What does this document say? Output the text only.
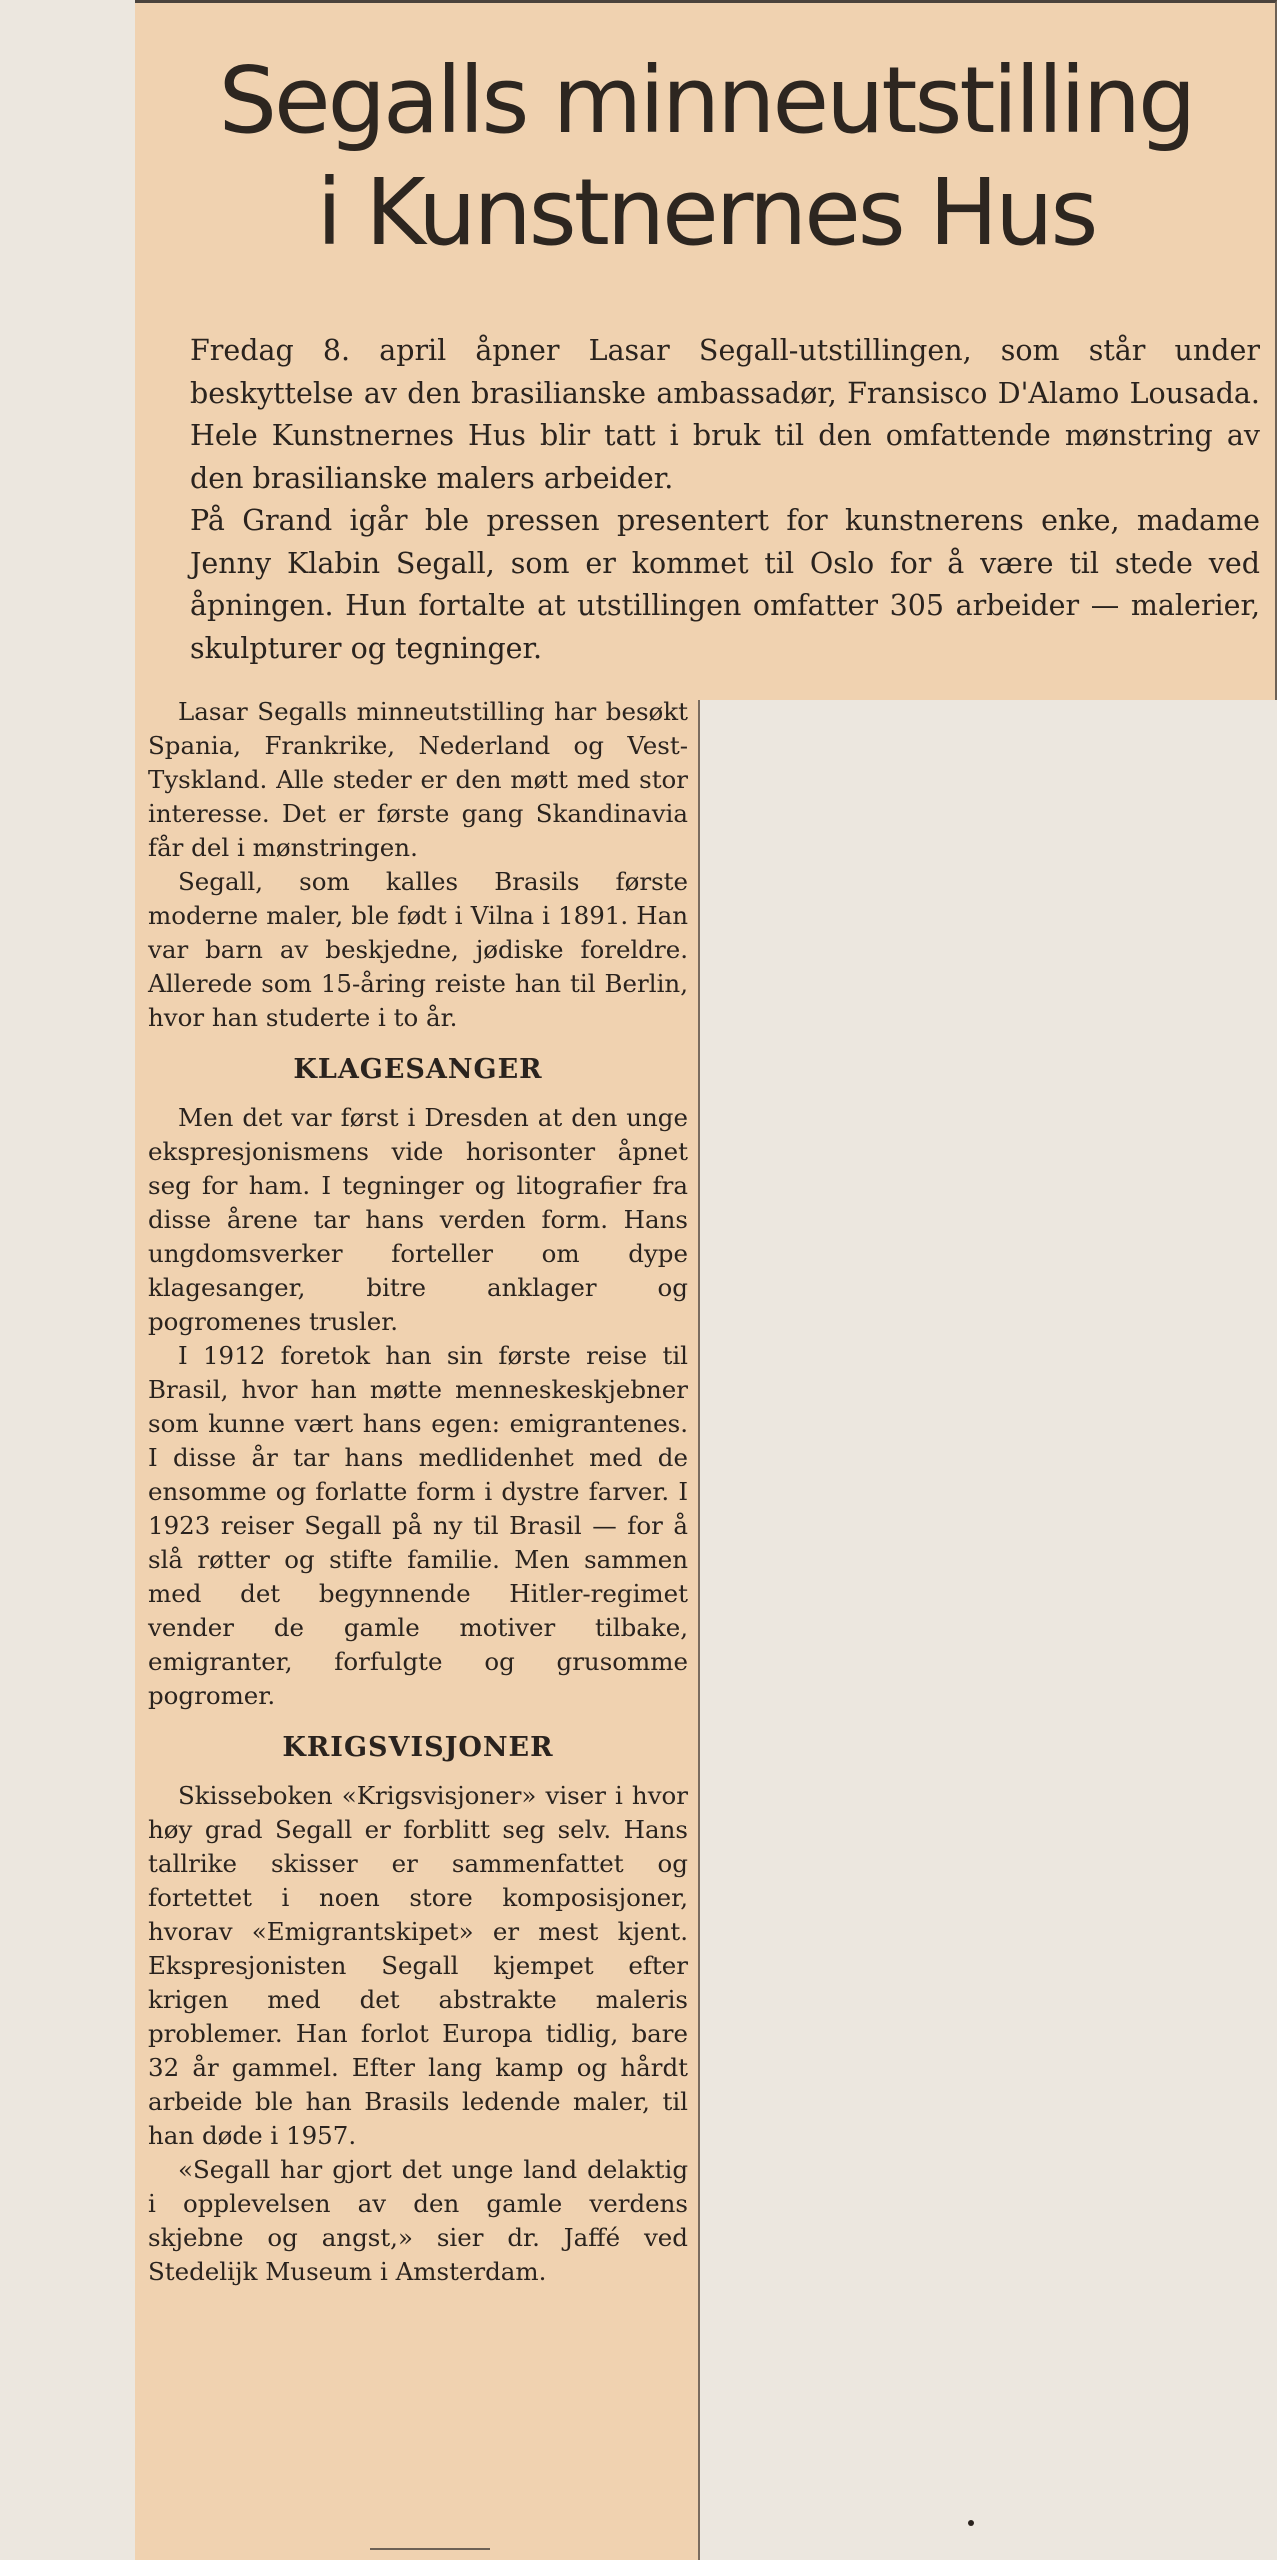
Segalls minneutstilling
i Kunstnernes Hus

Fredag 8. april åpner Lasar Segall-utstillingen, som står under beskyttelse av den brasilianske ambassadør, Fransisco D'Alamo Lousada. Hele Kunstnernes Hus blir tatt i bruk til den omfattende mønstring av den brasilianske malers arbeider.

På Grand igår ble pressen presentert for kunstnerens enke, madame Jenny Klabin Segall, som er kommet til Oslo for å være til stede ved åpningen. Hun fortalte at utstillingen omfatter 305 arbeider — malerier, skulpturer og tegninger.

Lasar Segalls minneutstilling har besøkt Spania, Frankrike, Nederland og Vest-Tyskland. Alle steder er den møtt med stor interesse. Det er første gang Skandinavia får del i mønstringen.

Segall, som kalles Brasils første moderne maler, ble født i Vilna i 1891. Han var barn av beskjedne, jødiske foreldre. Allerede som 15-åring reiste han til Berlin, hvor han studerte i to år.

KLAGESANGER

Men det var først i Dresden at den unge ekspresjonismens vide horisonter åpnet seg for ham. I tegninger og litografier fra disse årene tar hans verden form. Hans ungdomsverker forteller om dype klagesanger, bitre anklager og pogromenes trusler.

I 1912 foretok han sin første reise til Brasil, hvor han møtte menneskeskjebner som kunne vært hans egen: emigrantenes. I disse år tar hans medlidenhet med de ensomme og forlatte form i dystre farver. I 1923 reiser Segall på ny til Brasil — for å slå røtter og stifte familie. Men sammen med det begynnende Hitler-regimet vender de gamle motiver tilbake, emigranter, forfulgte og grusomme pogromer.

KRIGSVISJONER

Skisseboken «Krigsvisjoner» viser i hvor høy grad Segall er forblitt seg selv. Hans tallrike skisser er sammenfattet og fortettet i noen store komposisjoner, hvorav «Emigrantskipet» er mest kjent. Ekspresjonisten Segall kjempet efter krigen med det abstrakte maleris problemer. Han forlot Europa tidlig, bare 32 år gammel. Efter lang kamp og hårdt arbeide ble han Brasils ledende maler, til han døde i 1957.

«Segall har gjort det unge land delaktig i opplevelsen av den gamle verdens skjebne og angst,» sier dr. Jaffé ved Stedelijk Museum i Amsterdam.
